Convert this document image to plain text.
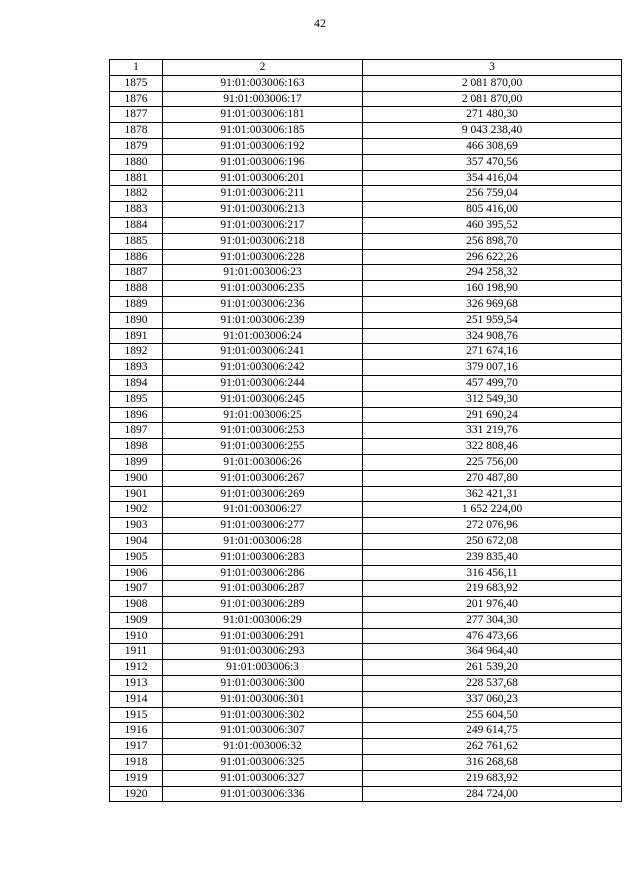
42
1	2	3
1875	91:01:003006:163	2 081 870,00
1876	91:01:003006:17	2 081 870,00
1877	91:01:003006:181	271 480,30
1878	91:01:003006:185	9 043 238,40
1879	91:01:003006:192	466 308,69
1880	91:01:003006:196	357 470,56
1881	91:01:003006:201	354 416,04
1882	91:01:003006:211	256 759,04
1883	91:01:003006:213	805 416,00
1884	91:01:003006:217	460 395,52
1885	91:01:003006:218	256 898,70
1886	91:01:003006:228	296 622,26
1887	91:01:003006:23	294 258,32
1888	91:01:003006:235	160 198,90
1889	91:01:003006:236	326 969,68
1890	91:01:003006:239	251 959,54
1891	91:01:003006:24	324 908,76
1892	91:01:003006:241	271 674,16
1893	91:01:003006:242	379 007,16
1894	91:01:003006:244	457 499,70
1895	91:01:003006:245	312 549,30
1896	91:01:003006:25	291 690,24
1897	91:01:003006:253	331 219,76
1898	91:01:003006:255	322 808,46
1899	91:01:003006:26	225 756,00
1900	91:01:003006:267	270 487,80
1901	91:01:003006:269	362 421,31
1902	91:01:003006:27	1 652 224,00
1903	91:01:003006:277	272 076,96
1904	91:01:003006:28	250 672,08
1905	91:01:003006:283	239 835,40
1906	91:01:003006:286	316 456,11
1907	91:01:003006:287	219 683,92
1908	91:01:003006:289	201 976,40
1909	91:01:003006:29	277 304,30
1910	91:01:003006:291	476 473,66
1911	91:01:003006:293	364 964,40
1912	91:01:003006:3	261 539,20
1913	91:01:003006:300	228 537,68
1914	91:01:003006:301	337 060,23
1915	91:01:003006:302	255 604,50
1916	91:01:003006:307	249 614,75
1917	91:01:003006:32	262 761,62
1918	91:01:003006:325	316 268,68
1919	91:01:003006:327	219 683,92
1920	91:01:003006:336	284 724,00
